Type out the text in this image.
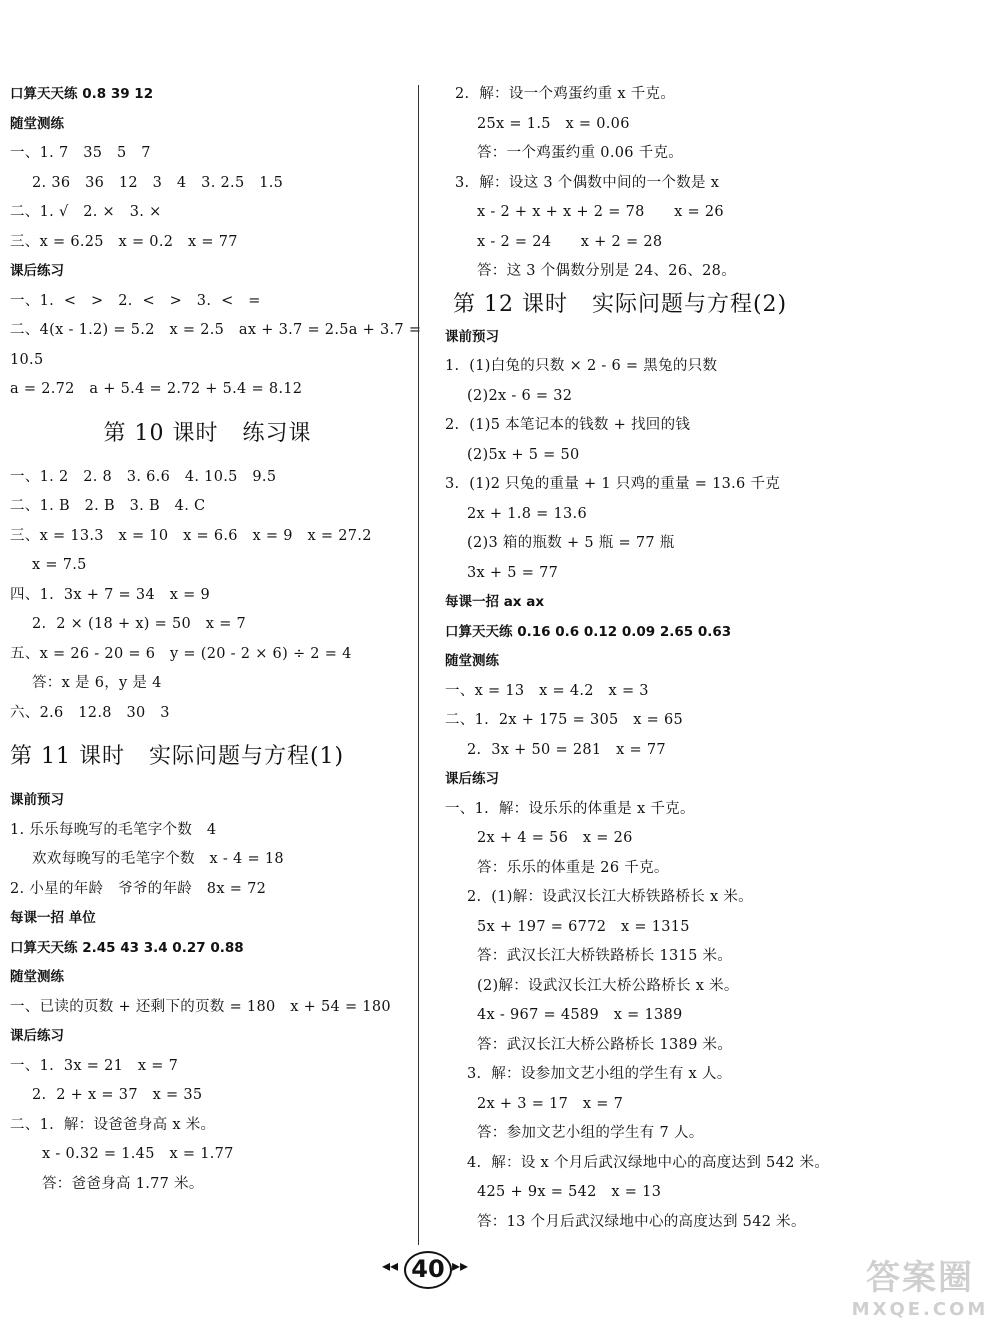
口算天天练 0.8 39 12
随堂测练
一、1. 7   35   5   7
2. 36   36   12   3   4   3. 2.5   1.5
二、1. √   2. ×   3. ×
三、x = 6.25   x = 0.2   x = 77
课后练习
一、1.  <   >   2.  <   >   3.  <   =
二、4(x - 1.2) = 5.2   x = 2.5   ax + 3.7 = 2.5a + 3.7 =
10.5
a = 2.72   a + 5.4 = 2.72 + 5.4 = 8.12
第 10 课时   练习课
一、1. 2   2. 8   3. 6.6   4. 10.5   9.5
二、1. B   2. B   3. B   4. C
三、x = 13.3   x = 10   x = 6.6   x = 9   x = 27.2
x = 7.5
四、1.  3x + 7 = 34   x = 9
2.  2 × (18 + x) = 50   x = 7
五、x = 26 - 20 = 6   y = (20 - 2 × 6) ÷ 2 = 4
答：x 是 6，y 是 4
六、2.6   12.8   30   3
第 11 课时   实际问题与方程(1)
课前预习
1. 乐乐每晚写的毛笔字个数   4
欢欢每晚写的毛笔字个数   x - 4 = 18
2. 小星的年龄   爷爷的年龄   8x = 72
每课一招 单位
口算天天练 2.45 43 3.4 0.27 0.88
随堂测练
一、已读的页数 + 还剩下的页数 = 180   x + 54 = 180
课后练习
一、1.  3x = 21   x = 7
2.  2 + x = 37   x = 35
二、1.  解：设爸爸身高 x 米。
x - 0.32 = 1.45   x = 1.77
答：爸爸身高 1.77 米。
2.  解：设一个鸡蛋约重 x 千克。
25x = 1.5   x = 0.06
答：一个鸡蛋约重 0.06 千克。
3.  解：设这 3 个偶数中间的一个数是 x
x - 2 + x + x + 2 = 78      x = 26
x - 2 = 24      x + 2 = 28
答：这 3 个偶数分别是 24、26、28。
第 12 课时   实际问题与方程(2)
课前预习
1.  (1)白兔的只数 × 2 - 6 = 黑兔的只数
(2)2x - 6 = 32
2.  (1)5 本笔记本的钱数 + 找回的钱
(2)5x + 5 = 50
3.  (1)2 只兔的重量 + 1 只鸡的重量 = 13.6 千克
2x + 1.8 = 13.6
(2)3 箱的瓶数 + 5 瓶 = 77 瓶
3x + 5 = 77
每课一招 ax ax
口算天天练 0.16 0.6 0.12 0.09 2.65 0.63
随堂测练
一、x = 13   x = 4.2   x = 3
二、1.  2x + 175 = 305   x = 65
2.  3x + 50 = 281   x = 77
课后练习
一、1.  解：设乐乐的体重是 x 千克。
2x + 4 = 56   x = 26
答：乐乐的体重是 26 千克。
2.  (1)解：设武汉长江大桥铁路桥长 x 米。
5x + 197 = 6772   x = 1315
答：武汉长江大桥铁路桥长 1315 米。
(2)解：设武汉长江大桥公路桥长 x 米。
4x - 967 = 4589   x = 1389
答：武汉长江大桥公路桥长 1389 米。
3.  解：设参加文艺小组的学生有 x 人。
2x + 3 = 17   x = 7
答：参加文艺小组的学生有 7 人。
4.  解：设 x 个月后武汉绿地中心的高度达到 542 米。
425 + 9x = 542   x = 13
答：13 个月后武汉绿地中心的高度达到 542 米。
◂◂ 40 ▸▸	答案圈
MXQE.COM
